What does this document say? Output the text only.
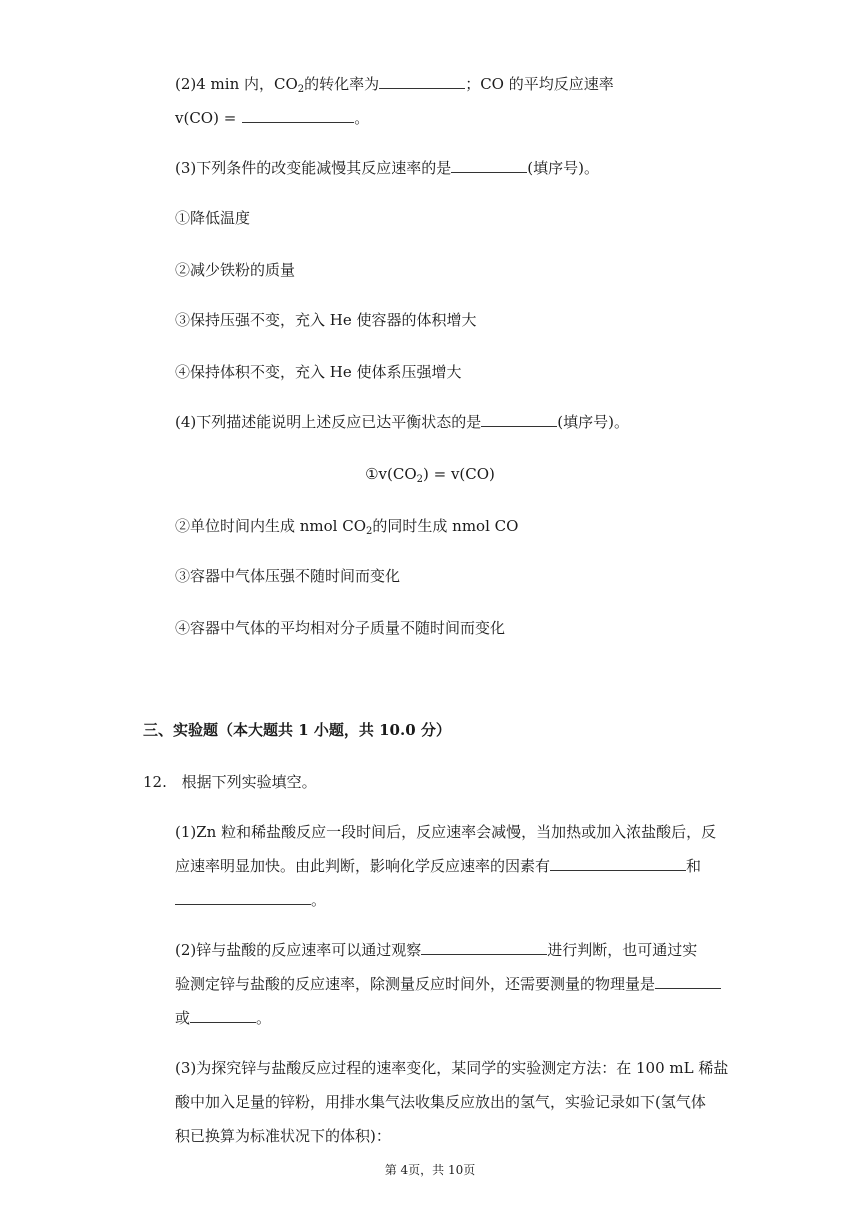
(2)4 min 内，$CO_2$的转化率为	；CO 的平均反应速率
v(CO) =	。
(3)下列条件的改变能减慢其反应速率的是	(填序号)。
①降低温度
②减少铁粉的质量
③保持压强不变，充入 He 使容器的体积增大
④保持体积不变，充入 He 使体系压强增大
(4)下列描述能说明上述反应已达平衡状态的是	(填序号)。
$①v(CO_2) = v(CO)$
②单位时间内生成 nmol $CO_2$的同时生成 nmol CO
③容器中气体压强不随时间而变化
④容器中气体的平均相对分子质量不随时间而变化
三、实验题（本大题共 1 小题，共 10.0 分）
12. 根据下列实验填空。
(1)Zn 粒和稀盐酸反应一段时间后，反应速率会减慢，当加热或加入浓盐酸后，反
应速率明显加快。由此判断，影响化学反应速率的因素有	和
。
(2)锌与盐酸的反应速率可以通过观察	进行判断，也可通过实
验测定锌与盐酸的反应速率，除测量反应时间外，还需要测量的物理量是
或	。
(3)为探究锌与盐酸反应过程的速率变化，某同学的实验测定方法：在 100 mL 稀盐
酸中加入足量的锌粉，用排水集气法收集反应放出的氢气，实验记录如下(氢气体
积已换算为标准状况下的体积)：
第 4页，共 10页
